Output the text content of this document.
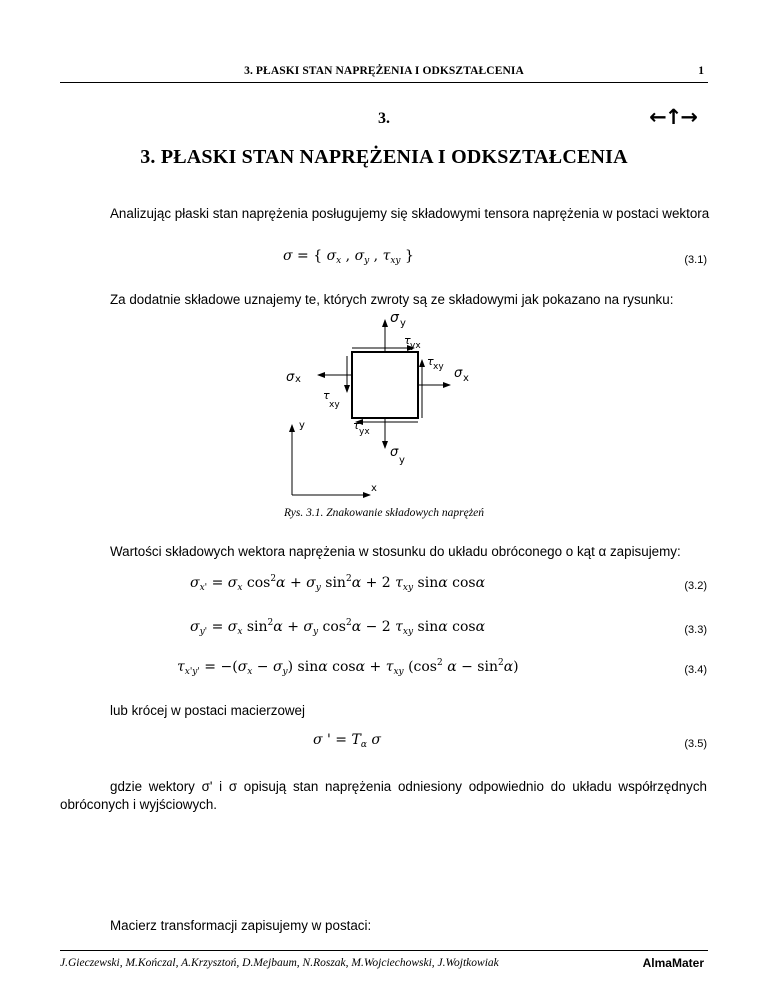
3. PŁASKI STAN NAPRĘŻENIA I ODKSZTAŁCENIA	1
3.	←↑→
3. PŁASKI STAN NAPRĘŻENIA I ODKSZTAŁCENIA
Analizując płaski stan naprężenia posługujemy się składowymi tensora naprężenia w postaci wektora
σ = { $\sigma_x$ , $\sigma_y$ , $\tau_{xy}$ }	(3.1)
Za dodatnie składowe uznajemy te, których zwroty są ze składowymi jak pokazano na rysunku:
σ y
τ yx
τ xy σ x
σ x
τ
xy
τ yx
σ
y
y
x
Rys. 3.1. Znakowanie składowych naprężeń
Wartości składowych wektora naprężenia w stosunku do układu obróconego o kąt α zapisujemy:
$\sigma_{x'} = \sigma_x$ $\cos^2\alpha + \sigma_y$ $\sin^2\alpha + 2$ $\tau_{xy}$ sinα cosα	(3.2)
$\sigma_{y'} = \sigma_x$ $\sin^2\alpha + \sigma_y$ $\cos^2\alpha - 2$ $\tau_{xy}$ sinα cosα	(3.3)
$\tau_{x'y'} = -(\sigma_x - \sigma_y)$ sinα $\cos\alpha + \tau_{xy}$ ($\cos^2$ $\alpha - \sin^2\alpha$)	(3.4)
lub krócej w postaci macierzowej
σ ' = $T_\alpha$ σ	(3.5)
gdzie wektory σ' i σ opisują stan naprężenia odniesiony odpowiednio do układu współrzędnych
obróconych i wyjściowych.
Macierz transformacji zapisujemy w postaci:
J.Gieczewski, M.Kończal, A.Krzysztoń, D.Mejbaum, N.Roszak, M.Wojciechowski, J.Wojtkowiak	AlmaMater
